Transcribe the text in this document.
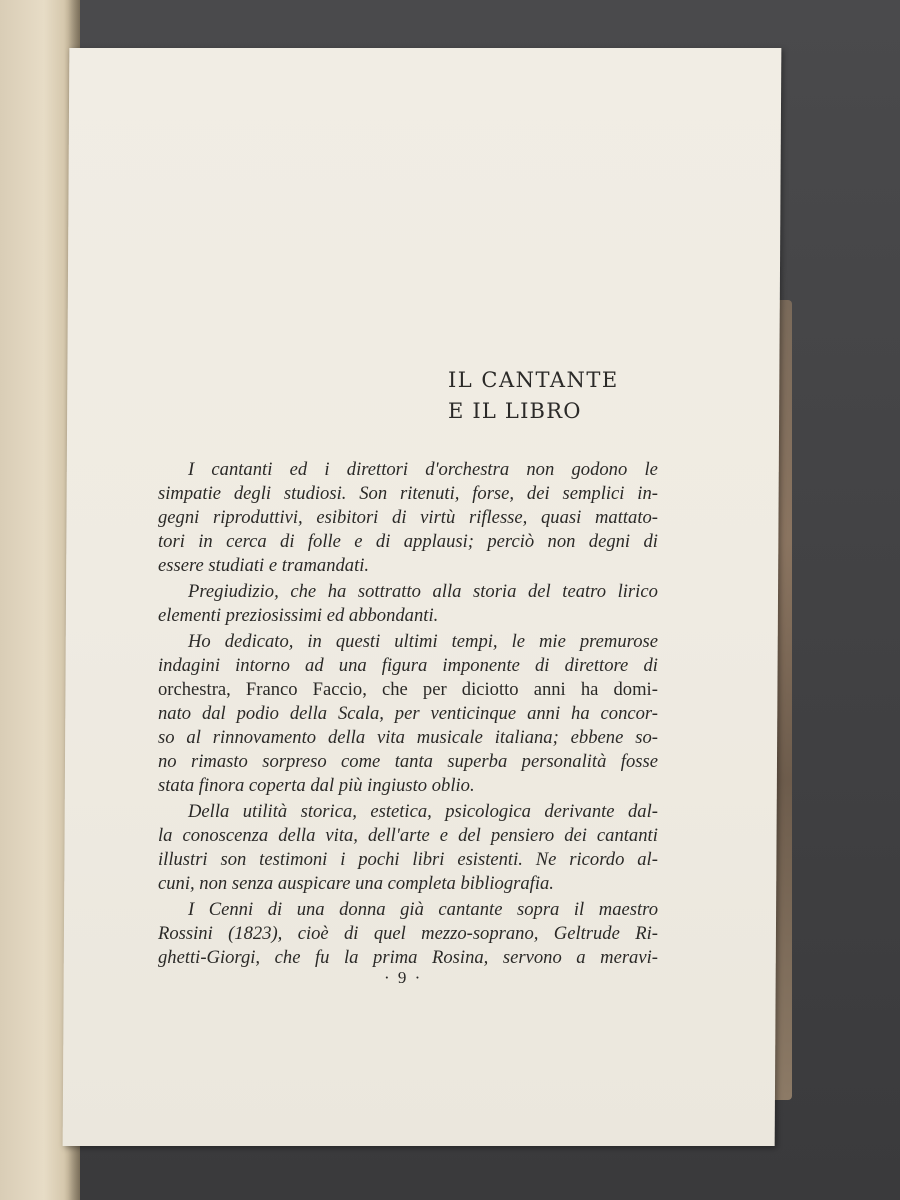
IL CANTANTE
E IL LIBRO
I cantanti ed i direttori d'orchestra non godono le
simpatie degli studiosi. Son ritenuti, forse, dei semplici in-
gegni riproduttivi, esibitori di virtù riflesse, quasi mattato-
tori in cerca di folle e di applausi; perciò non degni di
essere studiati e tramandati.
Pregiudizio, che ha sottratto alla storia del teatro lirico
elementi preziosissimi ed abbondanti.
Ho dedicato, in questi ultimi tempi, le mie premurose
indagini intorno ad una figura imponente di direttore di
orchestra, Franco Faccio, che per diciotto anni ha domi-
nato dal podio della Scala, per venticinque anni ha concor-
so al rinnovamento della vita musicale italiana; ebbene so-
no rimasto sorpreso come tanta superba personalità fosse
stata finora coperta dal più ingiusto oblio.
Della utilità storica, estetica, psicologica derivante dal-
la conoscenza della vita, dell'arte e del pensiero dei cantanti
illustri son testimoni i pochi libri esistenti. Ne ricordo al-
cuni, non senza auspicare una completa bibliografia.
I Cenni di una donna già cantante sopra il maestro
Rossini (1823), cioè di quel mezzo-soprano, Geltrude Ri-
ghetti-Giorgi, che fu la prima Rosina, servono a meravi-
· 9 ·
